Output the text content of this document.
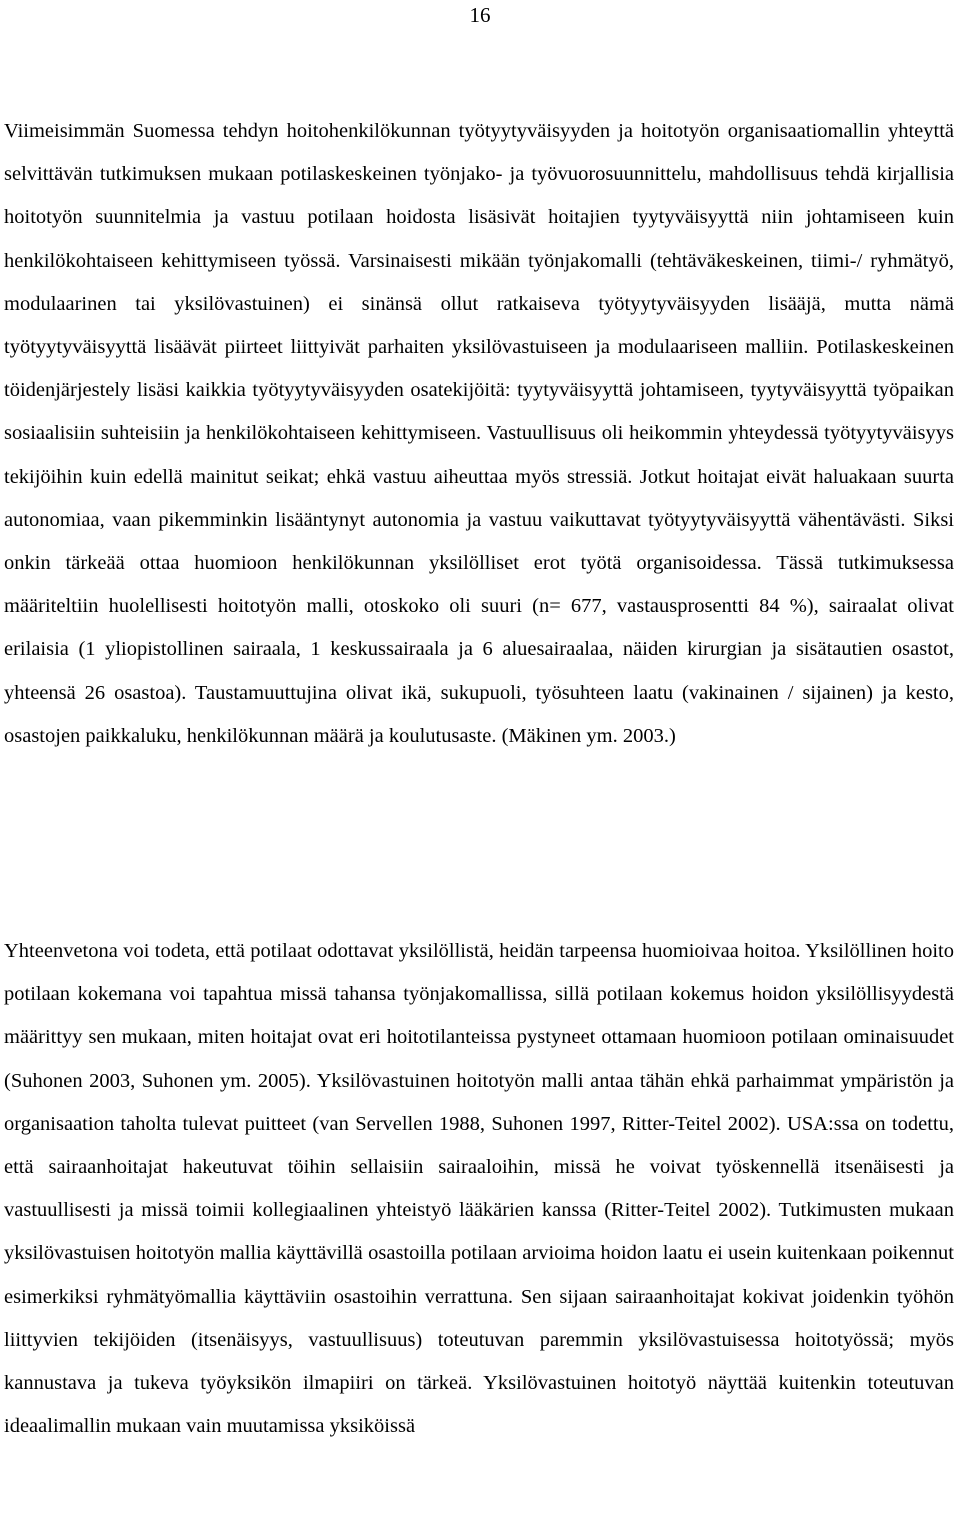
16

Viimeisimmän Suomessa tehdyn hoitohenkilökunnan työtyytyväisyyden ja hoitotyön organisaatiomallin yhteyttä selvittävän tutkimuksen mukaan potilaskeskeinen työnjako- ja työvuorosuunnittelu, mahdollisuus tehdä kirjallisia hoitotyön suunnitelmia ja vastuu potilaan hoidosta lisäsivät hoitajien tyytyväisyyttä niin johtamiseen kuin henkilökohtaiseen kehittymiseen työssä. Varsinaisesti mikään työnjakomalli (tehtäväkeskeinen, tiimi-/ ryhmätyö, modulaarinen tai yksilövastuinen) ei sinänsä ollut ratkaiseva työtyytyväisyyden lisääjä, mutta nämä työtyytyväisyyttä lisäävät piirteet liittyivät parhaiten yksilövastuiseen ja modulaariseen malliin. Potilaskeskeinen töidenjärjestely lisäsi kaikkia työtyytyväisyyden osatekijöitä: tyytyväisyyttä johtamiseen, tyytyväisyyttä työpaikan sosiaalisiin suhteisiin ja henkilökohtaiseen kehittymiseen. Vastuullisuus oli heikommin yhteydessä työtyytyväisyys tekijöihin kuin edellä mainitut seikat; ehkä vastuu aiheuttaa myös stressiä. Jotkut hoitajat eivät haluakaan suurta autonomiaa, vaan pikemminkin lisääntynyt autonomia ja vastuu vaikuttavat työtyytyväisyyttä vähentävästi. Siksi onkin tärkeää ottaa huomioon henkilökunnan yksilölliset erot työtä organisoidessa. Tässä tutkimuksessa määriteltiin huolellisesti hoitotyön malli, otoskoko oli suuri (n= 677, vastausprosentti 84 %), sairaalat olivat erilaisia (1 yliopistollinen sairaala, 1 keskussairaala ja 6 aluesairaalaa, näiden kirurgian ja sisätautien osastot, yhteensä 26 osastoa). Taustamuuttujina olivat ikä, sukupuoli, työsuhteen laatu (vakinainen / sijainen) ja kesto, osastojen paikkaluku, henkilökunnan määrä ja koulutusaste. (Mäkinen ym. 2003.)

Yhteenvetona voi todeta, että potilaat odottavat yksilöllistä, heidän tarpeensa huomioivaa hoitoa. Yksilöllinen hoito potilaan kokemana voi tapahtua missä tahansa työnjakomallissa, sillä potilaan kokemus hoidon yksilöllisyydestä määrittyy sen mukaan, miten hoitajat ovat eri hoitotilanteissa pystyneet ottamaan huomioon potilaan ominaisuudet (Suhonen 2003, Suhonen ym. 2005). Yksilövastuinen hoitotyön malli antaa tähän ehkä parhaimmat ympäristön ja organisaation taholta tulevat puitteet (van Servellen 1988, Suhonen 1997, Ritter-Teitel 2002). USA:ssa on todettu, että sairaanhoitajat hakeutuvat töihin sellaisiin sairaaloihin, missä he voivat työskennellä itsenäisesti ja vastuullisesti ja missä toimii kollegiaalinen yhteistyö lääkärien kanssa (Ritter-Teitel 2002). Tutkimusten mukaan yksilövastuisen hoitotyön mallia käyttävillä osastoilla potilaan arvioima hoidon laatu ei usein kuitenkaan poikennut esimerkiksi ryhmätyömallia käyttäviin osastoihin verrattuna. Sen sijaan sairaanhoitajat kokivat joidenkin työhön liittyvien tekijöiden (itsenäisyys, vastuullisuus) toteutuvan paremmin yksilövastuisessa hoitotyössä; myös kannustava ja tukeva työyksikön ilmapiiri on tärkeä. Yksilövastuinen hoitotyö näyttää kuitenkin toteutuvan ideaalimallin mukaan vain muutamissa yksiköissä
